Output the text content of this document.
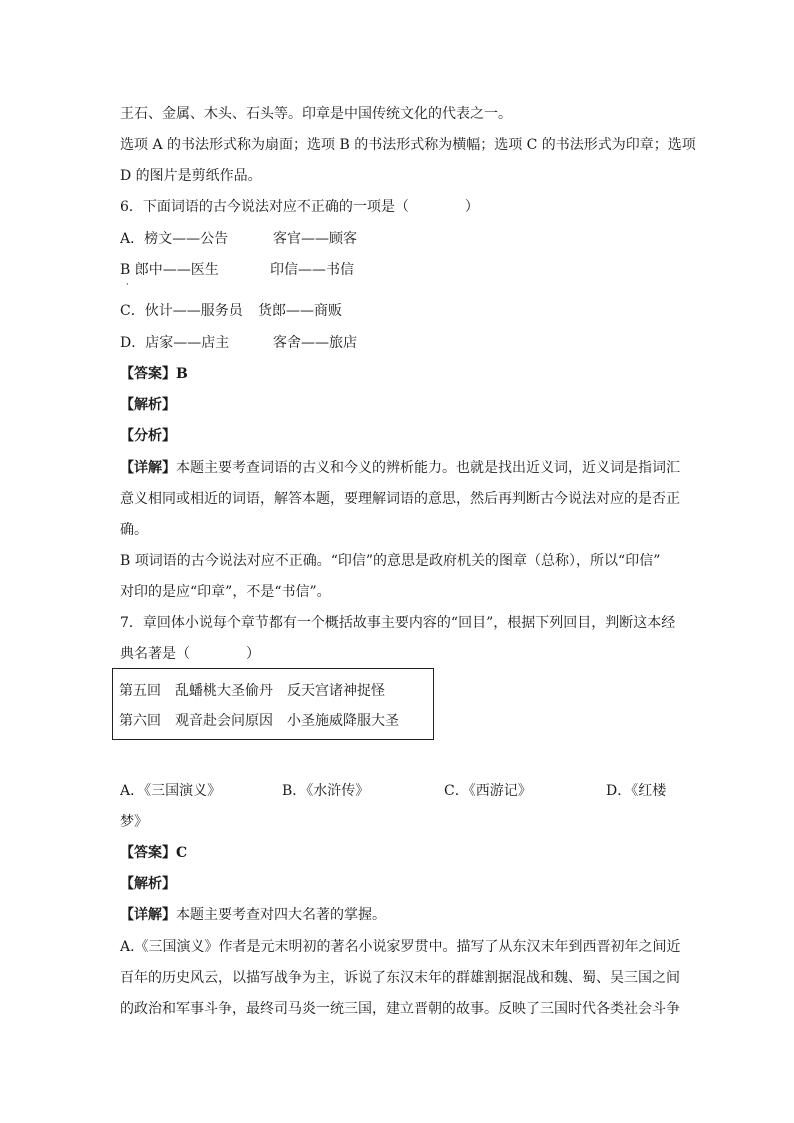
王石、金属、木头、石头等。印章是中国传统文化的代表之一。
选项 A 的书法形式称为扇面；选项 B 的书法形式称为横幅；选项 C 的书法形式为印章；选项
D 的图片是剪纸作品。
6．下面词语的古今说法对应不正确的一项是（　　　　）
A．榜文——公告	客官——顾客
B 郎中——医生	印信——书信
·
C．伙计——服务员 货郎——商贩
D．店家——店主	客舍——旅店
【答案】B
【解析】
【分析】
【详解】本题主要考查词语的古义和今义的辨析能力。也就是找出近义词，近义词是指词汇
意义相同或相近的词语，解答本题，要理解词语的意思，然后再判断古今说法对应的是否正
确。
B 项词语的古今说法对应不正确。“印信”的意思是政府机关的图章（总称），所以“印信”
对印的是应“印章”，不是“书信”。
7．章回体小说每个章节都有一个概括故事主要内容的“回目”，根据下列回目，判断这本经
典名著是（　　　　）
第五回　乱蟠桃大圣偷丹　反天宫诸神捉怪
第六回　观音赴会问原因　小圣施威降服大圣
A．《三国演义》	B．《水浒传》	C．《西游记》	D．《红楼
梦》
【答案】C
【解析】
【详解】本题主要考查对四大名著的掌握。
A.《三国演义》作者是元末明初的著名小说家罗贯中。描写了从东汉末年到西晋初年之间近
百年的历史风云，以描写战争为主，诉说了东汉末年的群雄割据混战和魏、蜀、吴三国之间
的政治和军事斗争，最终司马炎一统三国，建立晋朝的故事。反映了三国时代各类社会斗争
